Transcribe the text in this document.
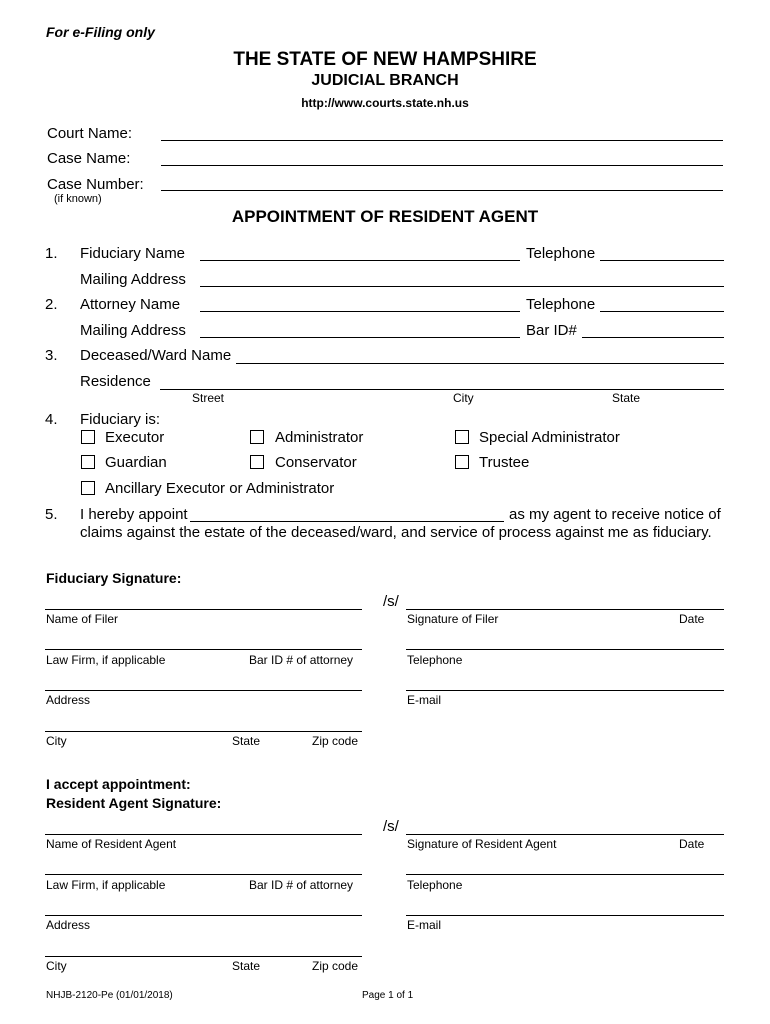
For e-Filing only
THE STATE OF NEW HAMPSHIRE
JUDICIAL BRANCH
http://www.courts.state.nh.us
Court Name:
Case Name:
Case Number:
(if known)
APPOINTMENT OF RESIDENT AGENT
1. Fiduciary Name	Telephone
Mailing Address
2. Attorney Name	Telephone
Mailing Address	Bar ID#
3. Deceased/Ward Name
Residence
Street	City	State
4. Fiduciary is:
Executor	Administrator	Special Administrator
Guardian	Conservator	Trustee
Ancillary Executor or Administrator
5. I hereby appoint	as my agent to receive notice of
claims against the estate of the deceased/ward, and service of process against me as fiduciary.
Fiduciary Signature:
/s/
Name of Filer	Signature of Filer	Date
Law Firm, if applicable	Bar ID # of attorney	Telephone
Address	E-mail
City	State	Zip code
I accept appointment:
Resident Agent Signature:
/s/
Name of Resident Agent	Signature of Resident Agent	Date
Law Firm, if applicable	Bar ID # of attorney	Telephone
Address	E-mail
City	State	Zip code
NHJB-2120-Pe (01/01/2018)	Page 1 of 1
